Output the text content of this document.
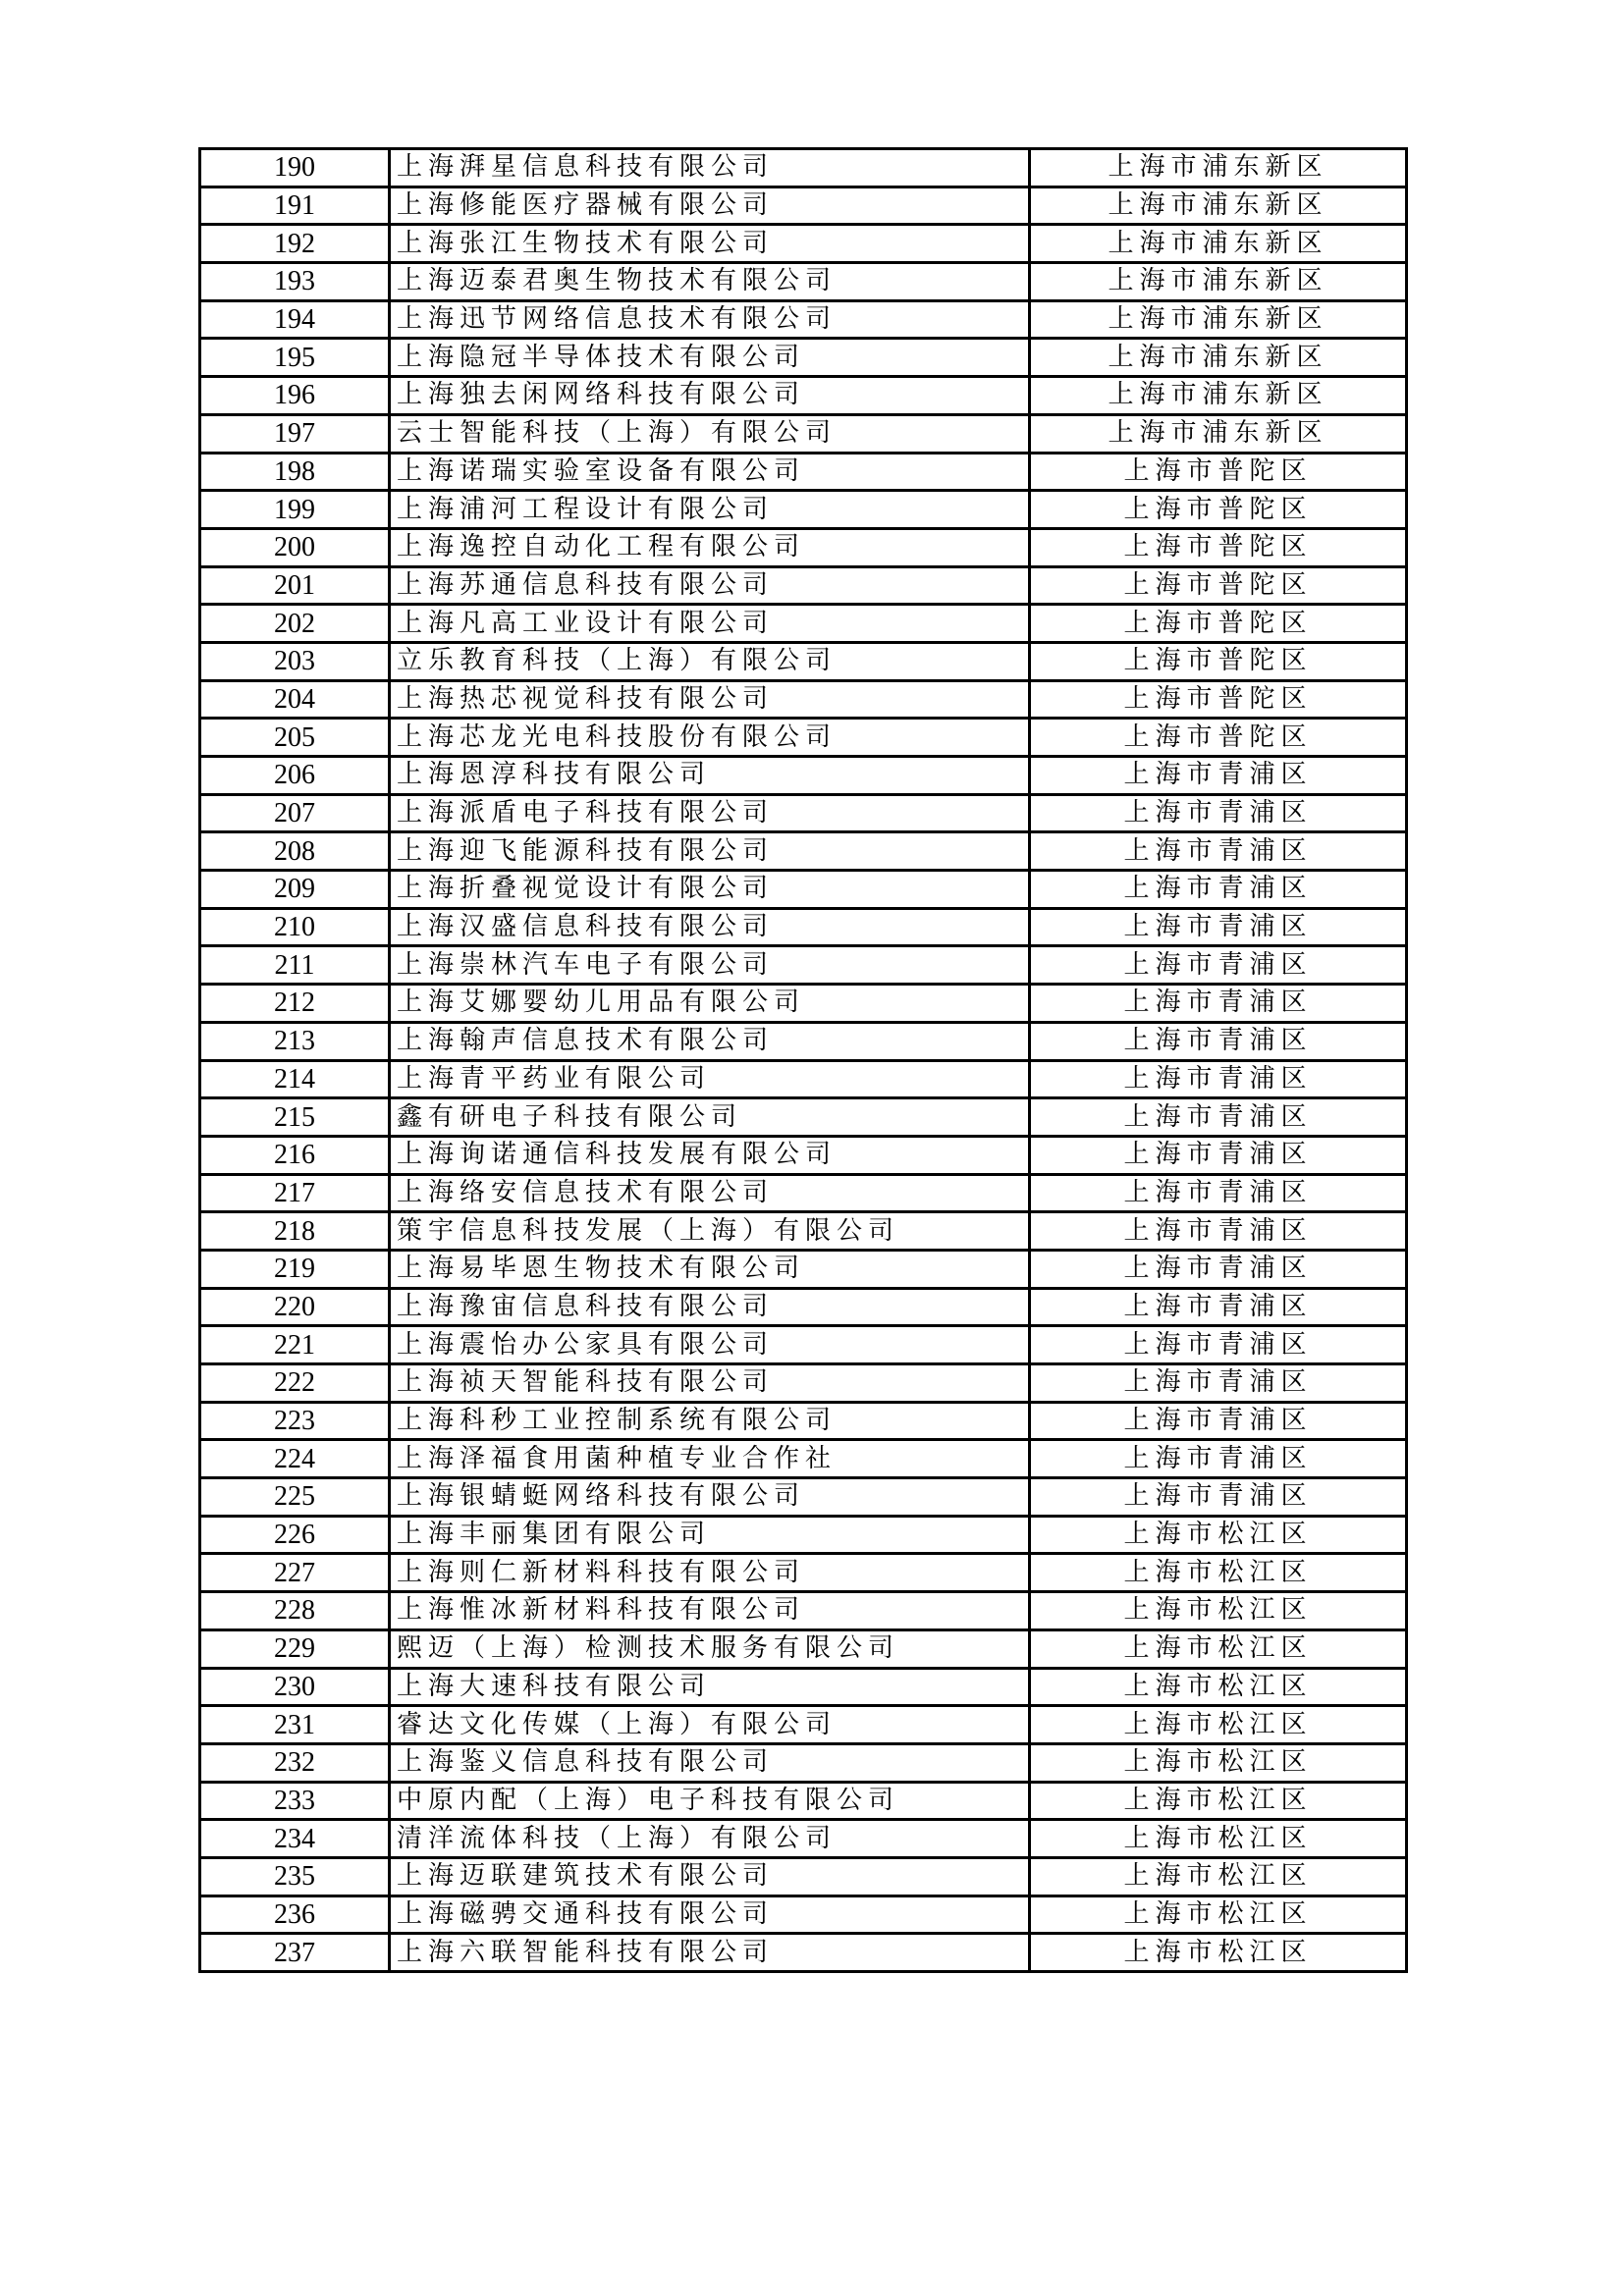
190	上海湃星信息科技有限公司	上海市浦东新区
191	上海修能医疗器械有限公司	上海市浦东新区
192	上海张江生物技术有限公司	上海市浦东新区
193	上海迈泰君奥生物技术有限公司	上海市浦东新区
194	上海迅节网络信息技术有限公司	上海市浦东新区
195	上海隐冠半导体技术有限公司	上海市浦东新区
196	上海独去闲网络科技有限公司	上海市浦东新区
197	云士智能科技（上海）有限公司	上海市浦东新区
198	上海诺瑞实验室设备有限公司	上海市普陀区
199	上海浦河工程设计有限公司	上海市普陀区
200	上海逸控自动化工程有限公司	上海市普陀区
201	上海苏通信息科技有限公司	上海市普陀区
202	上海凡高工业设计有限公司	上海市普陀区
203	立乐教育科技（上海）有限公司	上海市普陀区
204	上海热芯视觉科技有限公司	上海市普陀区
205	上海芯龙光电科技股份有限公司	上海市普陀区
206	上海恩淳科技有限公司	上海市青浦区
207	上海派盾电子科技有限公司	上海市青浦区
208	上海迎飞能源科技有限公司	上海市青浦区
209	上海折叠视觉设计有限公司	上海市青浦区
210	上海汉盛信息科技有限公司	上海市青浦区
211	上海崇林汽车电子有限公司	上海市青浦区
212	上海艾娜婴幼儿用品有限公司	上海市青浦区
213	上海翰声信息技术有限公司	上海市青浦区
214	上海青平药业有限公司	上海市青浦区
215	鑫有研电子科技有限公司	上海市青浦区
216	上海询诺通信科技发展有限公司	上海市青浦区
217	上海络安信息技术有限公司	上海市青浦区
218	策宇信息科技发展（上海）有限公司	上海市青浦区
219	上海易毕恩生物技术有限公司	上海市青浦区
220	上海豫宙信息科技有限公司	上海市青浦区
221	上海震怡办公家具有限公司	上海市青浦区
222	上海祯天智能科技有限公司	上海市青浦区
223	上海科秒工业控制系统有限公司	上海市青浦区
224	上海泽福食用菌种植专业合作社	上海市青浦区
225	上海银蜻蜓网络科技有限公司	上海市青浦区
226	上海丰丽集团有限公司	上海市松江区
227	上海则仁新材料科技有限公司	上海市松江区
228	上海惟冰新材料科技有限公司	上海市松江区
229	熙迈（上海）检测技术服务有限公司	上海市松江区
230	上海大速科技有限公司	上海市松江区
231	睿达文化传媒（上海）有限公司	上海市松江区
232	上海鉴义信息科技有限公司	上海市松江区
233	中原内配（上海）电子科技有限公司	上海市松江区
234	清洋流体科技（上海）有限公司	上海市松江区
235	上海迈联建筑技术有限公司	上海市松江区
236	上海磁骋交通科技有限公司	上海市松江区
237	上海六联智能科技有限公司	上海市松江区
